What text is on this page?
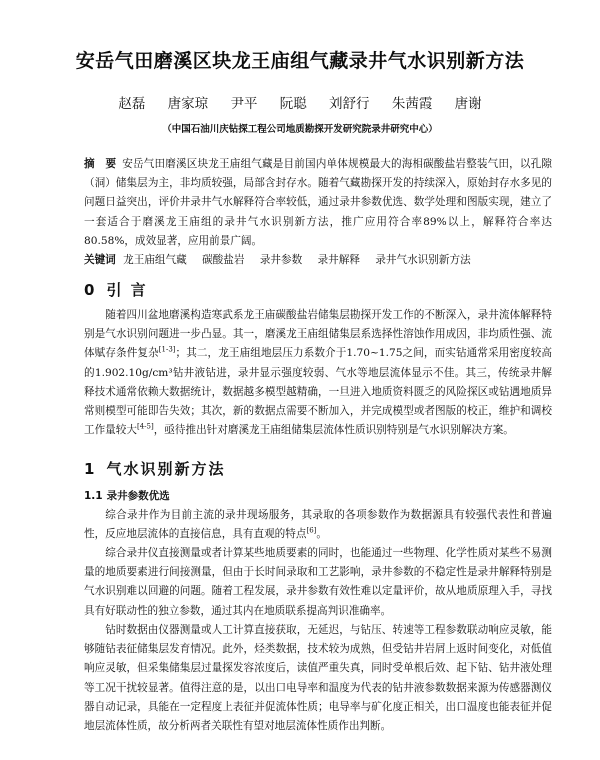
安岳气田磨溪区块龙王庙组气藏录井气水识别新方法
赵磊 唐家琼 尹平 阮聪 刘舒行 朱茜霞 唐谢
（中国石油川庆钻探工程公司地质勘探开发研究院录井研究中心）

摘　要 安岳气田磨溪区块龙王庙组气藏是目前国内单体规模最大的海相碳酸盐岩整装气田，以孔隙（洞）储集层为主，非均质较强，局部含封存水。随着气藏勘探开发的持续深入，原始封存水多见的问题日益突出，评价井录井气水解释符合率较低，通过录井参数优选、数学处理和图版实现，建立了一套适合于磨溪龙王庙组的录井气水识别新方法，推广应用符合率89%以上，解释符合率达80.58%，成效显著，应用前景广阔。

关键词 龙王庙组气藏 碳酸盐岩 录井参数 录井解释 录井气水识别新方法
0 引 言

随着四川盆地磨溪构造寒武系龙王庙碳酸盐岩储集层勘探开发工作的不断深入，录井流体解释特别是气水识别问题进一步凸显。其一，磨溪龙王庙组储集层系选择性溶蚀作用成因，非均质性强、流体赋存条件复杂[1-3]；其二，龙王庙组地层压力系数介于1.70~1.75之间，而实钻通常采用密度较高的1.902.10g/cm³钻井液钻进，录井显示强度较弱、气水等地层流体显示不佳。其三，传统录井解释技术通常依赖大数据统计，数据越多模型越精确，一旦进入地质资料匮乏的风险探区或钻遇地质异常则模型可能即告失效；其次，新的数据点需要不断加入，并完成模型或者图版的校正，维护和调校工作量较大[4-5]，亟待推出针对磨溪龙王庙组储集层流体性质识别特别是气水识别解决方案。

1 气水识别新方法
1.1 录井参数优选

综合录井作为目前主流的录井现场服务，其录取的各项参数作为数据源具有较强代表性和普遍性，反应地层流体的直接信息，具有直观的特点[6]。

综合录井仪直接测量或者计算某些地质要素的同时，也能通过一些物理、化学性质对某些不易测量的地质要素进行间接测量，但由于长时间录取和工艺影响，录井参数的不稳定性是录井解释特别是气水识别难以回避的问题。随着工程发展，录井参数有效性难以定量评价，故从地质原理入手，寻找具有好联动性的独立参数，通过其内在地质联系提高判识准确率。

钻时数据由仪器测量或人工计算直接获取，无延迟，与钻压、转速等工程参数联动响应灵敏，能够随钻表征储集层发育情况。此外，烃类数据，技术较为成熟，但受钻井岩屑上返时间变化，对低值响应灵敏，但采集储集层过量探发容浓度后，读值严重失真，同时受单根后效、起下钻、钻井液处理等工况干扰较显著。值得注意的是，以出口电导率和温度为代表的钻井液参数数据来源为传感器测仪器自动记录，具能在一定程度上表征并促流体性质；电导率与矿化度正相关，出口温度也能表征并促地层流体性质，故分析两者关联性有望对地层流体性质作出判断。
